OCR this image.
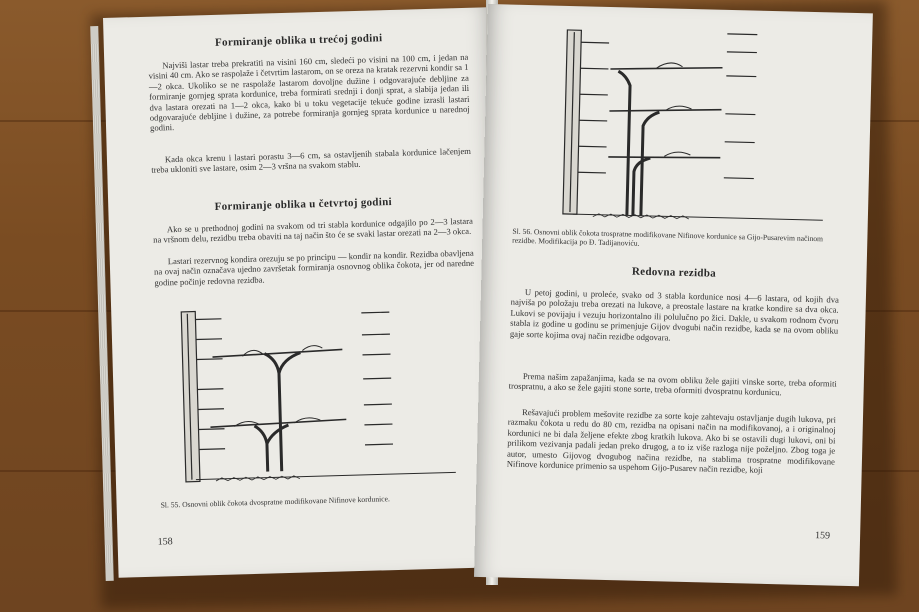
Formiranje oblika u trećoj godini

Najviši lastar treba prekratiti na visini 160 cm, sledeći po visini na 100 cm, i jedan na visini 40 cm. Ako se raspolaže i četvrtim lastarom, on se oreza na kratak rezervni kondir sa 1—2 okca. Ukoliko se ne raspolaže lastarom dovoljne dužine i odgovarajuće debljine za formiranje gornjeg sprata kordunice, treba formirati srednji i donji sprat, a slabija jedan ili dva lastara orezati na 1—2 okca, kako bi u toku vegetacije tekuće godine izrasli lastari odgovarajuće debljine i dužine, za potrebe formiranja gornjeg sprata kordunice u narednoj godini.

Kada okca krenu i lastari porastu 3—6 cm, sa ostavljenih stabala kordunice lačenjem treba ukloniti sve lastare, osim 2—3 vršna na svakom stablu.

Formiranje oblika u četvrtoj godini

Ako se u prethodnoj godini na svakom od tri stabla kordunice odgajilo po 2—3 lastara na vršnom delu, rezidbu treba obaviti na taj način što će se svaki lastar orezati na 2—3 okca.

Lastari rezervnog kondira orezuju se po principu — kondir na kondir. Rezidba obavljena na ovaj način označava ujedno završetak formiranja osnovnog oblika čokota, jer od naredne godine počinje redovna rezidba.

Sl. 55. Osnovni oblik čokota dvospratne modifikovane Nifinove kordunice.

158

Sl. 56. Osnovni oblik čokota trospratne modifikovane Nifinove kordunice sa Gijo-Pusarevim načinom rezidbe. Modifikacija po Đ. Tadijanoviću.

Redovna rezidba

U petoj godini, u proleće, svako od 3 stabla kordunice nosi 4—6 lastara, od kojih dva najviša po položaju treba orezati na lukove, a preostale lastare na kratke kondire sa dva okca. Lukovi se povijaju i vezuju horizontalno ili polulučno po žici. Dakle, u svakom rodnom čvoru stabla iz godine u godinu se primenjuje Gijov dvogubi način rezidbe, kada se na ovom obliku gaje sorte kojima ovaj način rezidbe odgovara.

Prema našim zapažanjima, kada se na ovom obliku žele gajiti vinske sorte, treba oformiti trospratnu, a ako se žele gajiti stone sorte, treba oformiti dvospratnu kordunicu.

Rešavajući problem mešovite rezidbe za sorte koje zahtevaju ostavljanje dugih lukova, pri razmaku čokota u redu do 80 cm, rezidba na opisani način na modifikovanoj, a i originalnoj kordunici ne bi dala željene efekte zbog kratkih lukova. Ako bi se ostavili dugi lukovi, oni bi prilikom vezivanja padali jedan preko drugog, a to iz više razloga nije poželjno. Zbog toga je autor, umesto Gijovog dvogubog načina rezidbe, na stablima trospratne modifikovane Nifinove kordunice primenio sa uspehom Gijo-Pusarev način rezidbe, koji

159
